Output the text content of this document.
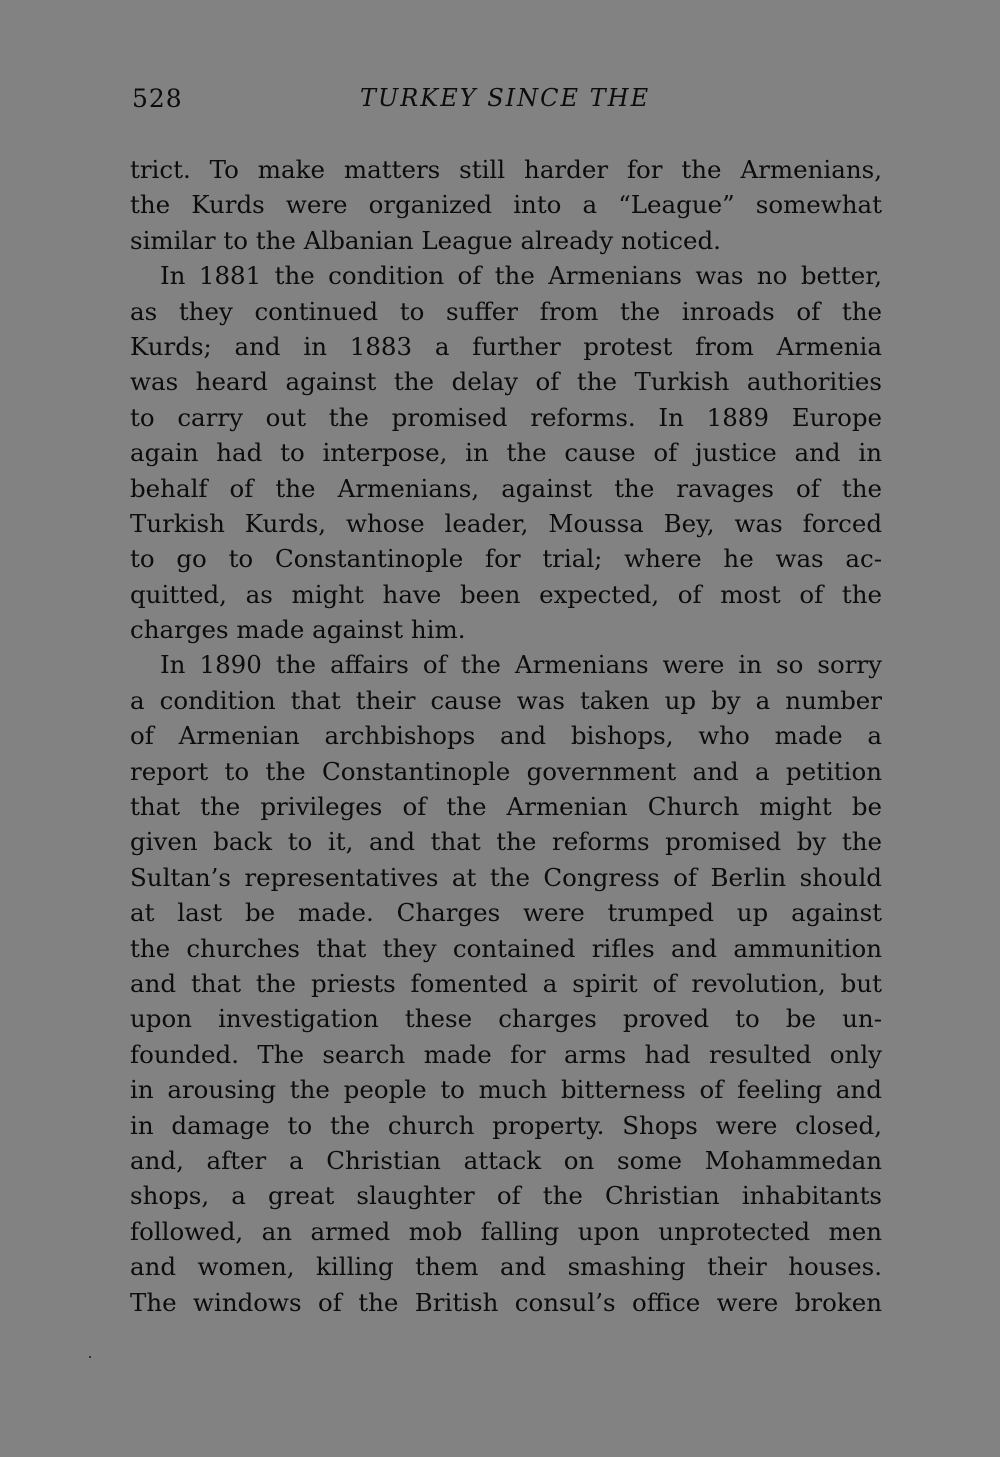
528	TURKEY SINCE THE
trict. To make matters still harder for the Armenians,
the Kurds were organized into a “League” somewhat
similar to the Albanian League already noticed.
In 1881 the condition of the Armenians was no better,
as they continued to suffer from the inroads of the
Kurds; and in 1883 a further protest from Armenia
was heard against the delay of the Turkish authorities
to carry out the promised reforms. In 1889 Europe
again had to interpose, in the cause of justice and in
behalf of the Armenians, against the ravages of the
Turkish Kurds, whose leader, Moussa Bey, was forced
to go to Constantinople for trial; where he was ac-
quitted, as might have been expected, of most of the
charges made against him.
In 1890 the affairs of the Armenians were in so sorry
a condition that their cause was taken up by a number
of Armenian archbishops and bishops, who made a
report to the Constantinople government and a petition
that the privileges of the Armenian Church might be
given back to it, and that the reforms promised by the
Sultan’s representatives at the Congress of Berlin should
at last be made. Charges were trumped up against
the churches that they contained rifles and ammunition
and that the priests fomented a spirit of revolution, but
upon investigation these charges proved to be un-
founded. The search made for arms had resulted only
in arousing the people to much bitterness of feeling and
in damage to the church property. Shops were closed,
and, after a Christian attack on some Mohammedan
shops, a great slaughter of the Christian inhabitants
followed, an armed mob falling upon unprotected men
and women, killing them and smashing their houses.
The windows of the British consul’s office were broken
